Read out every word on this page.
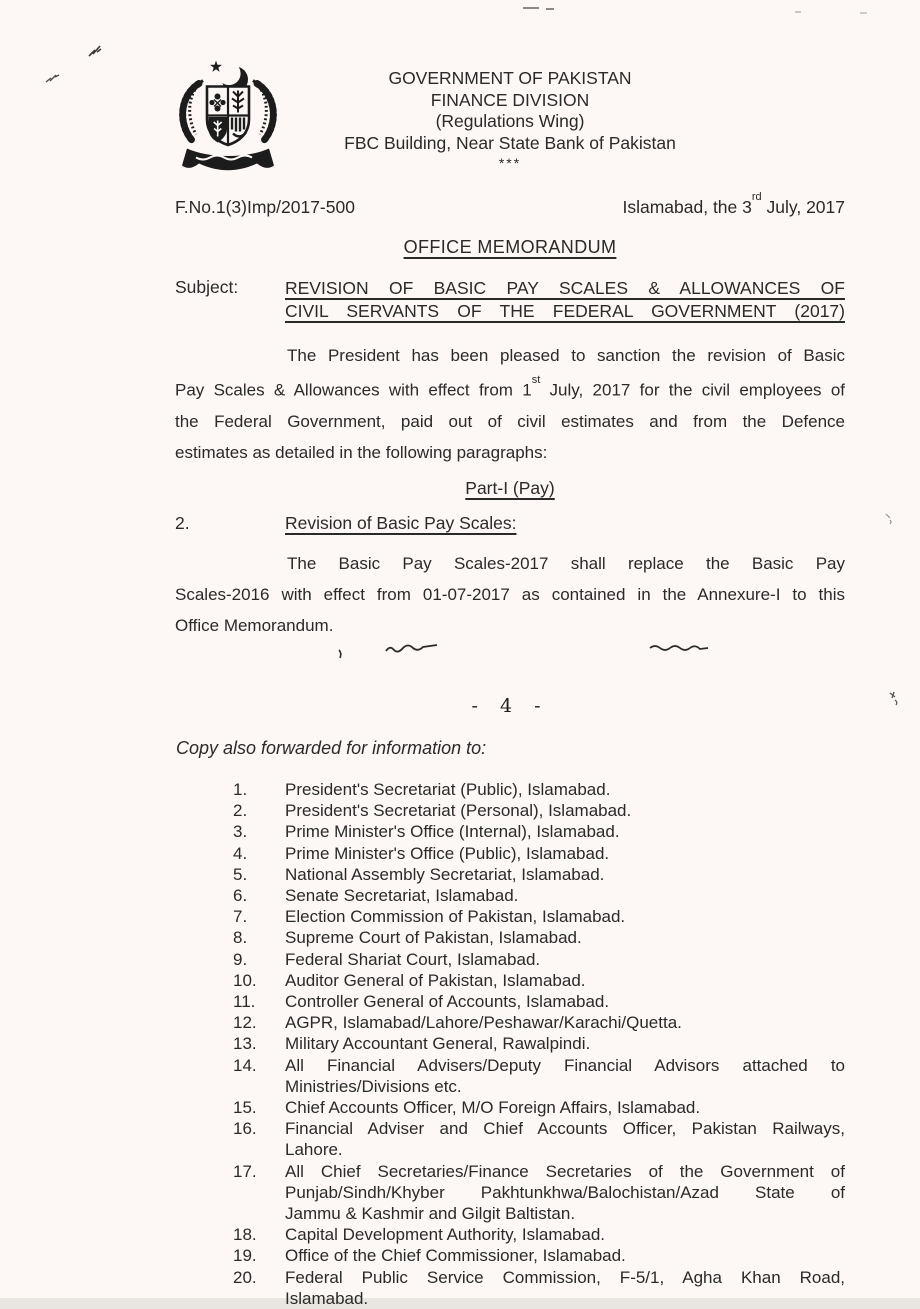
GOVERNMENT OF PAKISTAN
FINANCE DIVISION
(Regulations Wing)
FBC Building, Near State Bank of Pakistan
***
F.No.1(3)Imp/2017-500	Islamabad, the 3rd July, 2017
OFFICE MEMORANDUM
Subject:	REVISION OF BASIC PAY SCALES & ALLOWANCES OF
CIVIL SERVANTS OF THE FEDERAL GOVERNMENT (2017)
The President has been pleased to sanction the revision of Basic
Pay Scales & Allowances with effect from 1st July, 2017 for the civil employees of
the Federal Government, paid out of civil estimates and from the Defence
estimates as detailed in the following paragraphs:
Part-I (Pay)
2.	Revision of Basic Pay Scales:
The Basic Pay Scales-2017 shall replace the Basic Pay
Scales-2016 with effect from 01-07-2017 as contained in the Annexure-I to this
Office Memorandum.
- 4 -
Copy also forwarded for information to:
1.	President's Secretariat (Public), Islamabad.
2.	President's Secretariat (Personal), Islamabad.
3.	Prime Minister's Office (Internal), Islamabad.
4.	Prime Minister's Office (Public), Islamabad.
5.	National Assembly Secretariat, Islamabad.
6.	Senate Secretariat, Islamabad.
7.	Election Commission of Pakistan, Islamabad.
8.	Supreme Court of Pakistan, Islamabad.
9.	Federal Shariat Court, Islamabad.
10.	Auditor General of Pakistan, Islamabad.
11.	Controller General of Accounts, Islamabad.
12.	AGPR, Islamabad/Lahore/Peshawar/Karachi/Quetta.
13.	Military Accountant General, Rawalpindi.
14.	All Financial Advisers/Deputy Financial Advisors attached to
Ministries/Divisions etc.
15.	Chief Accounts Officer, M/O Foreign Affairs, Islamabad.
16.	Financial Adviser and Chief Accounts Officer, Pakistan Railways,
Lahore.
17.	All Chief Secretaries/Finance Secretaries of the Government of
Punjab/Sindh/Khyber Pakhtunkhwa/Balochistan/Azad State of
Jammu & Kashmir and Gilgit Baltistan.
18.	Capital Development Authority, Islamabad.
19.	Office of the Chief Commissioner, Islamabad.
20.	Federal Public Service Commission, F-5/1, Agha Khan Road,
Islamabad.
